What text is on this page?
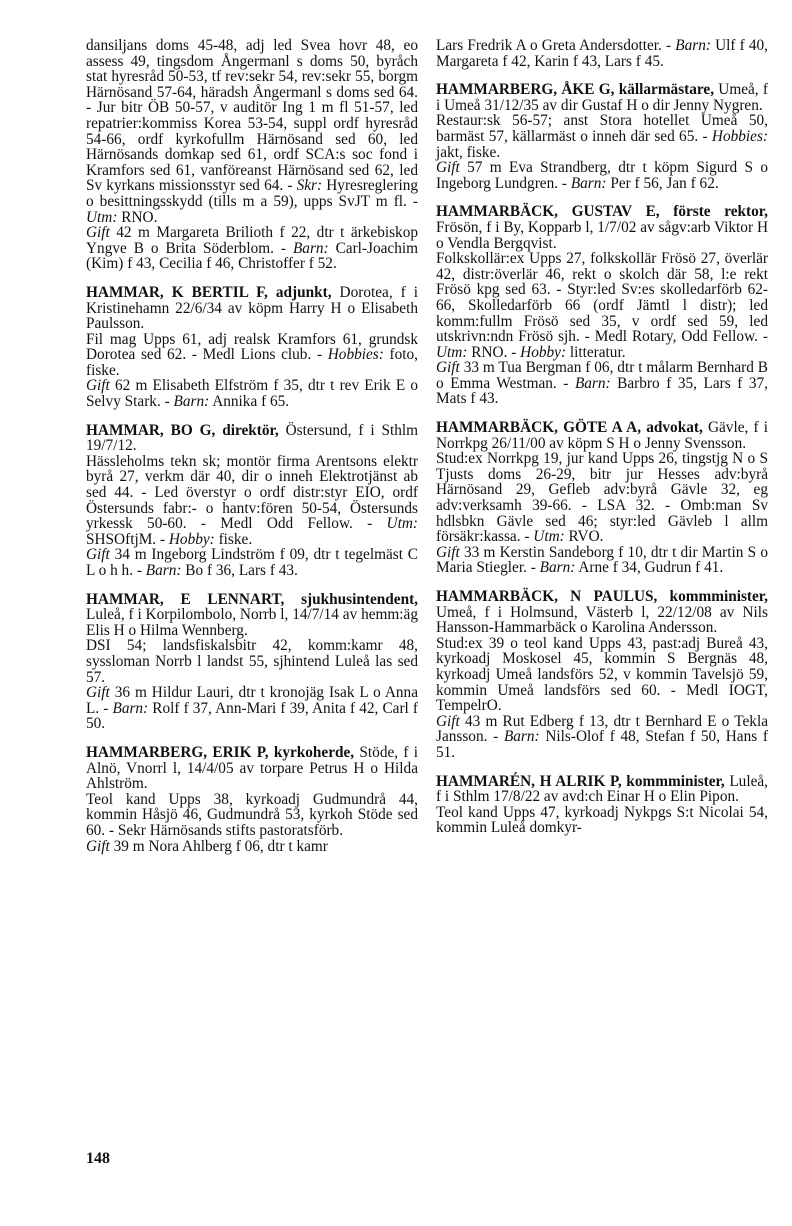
dansiljans doms 45-48, adj led Svea hovr 48, eo assess 49, tingsdom Ångermanl s doms 50, byråch stat hyresråd 50-53, tf rev:sekr 54, rev:sekr 55, borgm Härnösand 57-64, häradsh Ångermanl s doms sed 64. - Jur bitr ÖB 50-57, v auditör Ing 1 m fl 51-57, led repatrier:kommiss Korea 53-54, suppl ordf hyresråd 54-66, ordf kyrkofullm Härnösand sed 60, led Härnösands domkap sed 61, ordf SCA:s soc fond i Kramfors sed 61, vanföreanst Härnösand sed 62, led Sv kyrkans missionsstyr sed 64. - Skr: Hyresreglering o besittningsskydd (tills m a 59), upps SvJT m fl. - Utm: RNO.

Gift 42 m Margareta Brilioth f 22, dtr t ärkebiskop Yngve B o Brita Söderblom. - Barn: Carl-Joachim (Kim) f 43, Cecilia f 46, Christoffer f 52.

HAMMAR, K BERTIL F, adjunkt, Dorotea, f i Kristinehamn 22/6/34 av köpm Harry H o Elisabeth Paulsson.

Fil mag Upps 61, adj realsk Kramfors 61, grundsk Dorotea sed 62. - Medl Lions club. - Hobbies: foto, fiske.

Gift 62 m Elisabeth Elfström f 35, dtr t rev Erik E o Selvy Stark. - Barn: Annika f 65.

HAMMAR, BO G, direktör, Östersund, f i Sthlm 19/7/12.

Hässleholms tekn sk; montör firma Arentsons elektr byrå 27, verkm där 40, dir o inneh Elektrotjänst ab sed 44. - Led överstyr o ordf distr:styr EIO, ordf Östersunds fabr:- o hantv:fören 50-54, Östersunds yrkessk 50-60. - Medl Odd Fellow. - Utm: SHSOftjM. - Hobby: fiske.

Gift 34 m Ingeborg Lindström f 09, dtr t tegelmäst C L o h h. - Barn: Bo f 36, Lars f 43.

HAMMAR, E LENNART, sjukhusintendent, Luleå, f i Korpilombolo, Norrb l, 14/7/14 av hemm:äg Elis H o Hilma Wennberg.

DSI 54; landsfiskalsbitr 42, komm:kamr 48, syssloman Norrb l landst 55, sjhintend Luleå las sed 57.

Gift 36 m Hildur Lauri, dtr t kronojäg Isak L o Anna L. - Barn: Rolf f 37, Ann-Mari f 39, Anita f 42, Carl f 50.

HAMMARBERG, ERIK P, kyrkoherde, Stöde, f i Alnö, Vnorrl l, 14/4/05 av torpare Petrus H o Hilda Ahlström.

Teol kand Upps 38, kyrkoadj Gudmundrå 44, kommin Håsjö 46, Gudmundrå 53, kyrkoh Stöde sed 60. - Sekr Härnösands stifts pastoratsförb.

Gift 39 m Nora Ahlberg f 06, dtr t kamr

Lars Fredrik A o Greta Andersdotter. - Barn: Ulf f 40, Margareta f 42, Karin f 43, Lars f 45.

HAMMARBERG, ÅKE G, källarmästare, Umeå, f i Umeå 31/12/35 av dir Gustaf H o dir Jenny Nygren.

Restaur:sk 56-57; anst Stora hotellet Umeå 50, barmäst 57, källarmäst o inneh där sed 65. - Hobbies: jakt, fiske.

Gift 57 m Eva Strandberg, dtr t köpm Sigurd S o Ingeborg Lundgren. - Barn: Per f 56, Jan f 62.

HAMMARBÄCK, GUSTAV E, förste rektor, Frösön, f i By, Kopparb l, 1/7/02 av sågv:arb Viktor H o Vendla Bergqvist.

Folkskollär:ex Upps 27, folkskollär Frösö 27, överlär 42, distr:överlär 46, rekt o skolch där 58, l:e rekt Frösö kpg sed 63. - Styr:led Sv:es skolledarförb 62-66, Skolledarförb 66 (ordf Jämtl l distr); led komm:fullm Frösö sed 35, v ordf sed 59, led utskrivn:ndn Frösö sjh. - Medl Rotary, Odd Fellow. - Utm: RNO. - Hobby: litteratur.

Gift 33 m Tua Bergman f 06, dtr t målarm Bernhard B o Emma Westman. - Barn: Barbro f 35, Lars f 37, Mats f 43.

HAMMARBÄCK, GÖTE A A, advokat, Gävle, f i Norrkpg 26/11/00 av köpm S H o Jenny Svensson.

Stud:ex Norrkpg 19, jur kand Upps 26, tingstjg N o S Tjusts doms 26-29, bitr jur Hesses adv:byrå Härnösand 29, Gefleb adv:byrå Gävle 32, eg adv:verksamh 39-66. - LSA 32. - Omb:man Sv hdlsbkn Gävle sed 46; styr:led Gävleb l allm försäkr:kassa. - Utm: RVO.

Gift 33 m Kerstin Sandeborg f 10, dtr t dir Martin S o Maria Stiegler. - Barn: Arne f 34, Gudrun f 41.

HAMMARBÄCK, N PAULUS, kommminister, Umeå, f i Holmsund, Västerb l, 22/12/08 av Nils Hansson-Hammarbäck o Karolina Andersson.

Stud:ex 39 o teol kand Upps 43, past:adj Bureå 43, kyrkoadj Moskosel 45, kommin S Bergnäs 48, kyrkoadj Umeå landsförs 52, v kommin Tavelsjö 59, kommin Umeå landsförs sed 60. - Medl IOGT, TempelrO.

Gift 43 m Rut Edberg f 13, dtr t Bernhard E o Tekla Jansson. - Barn: Nils-Olof f 48, Stefan f 50, Hans f 51.

HAMMARÉN, H ALRIK P, kommminister, Luleå, f i Sthlm 17/8/22 av avd:ch Einar H o Elin Pipon.

Teol kand Upps 47, kyrkoadj Nykpgs S:t Nicolai 54, kommin Luleå domkyr-

148
